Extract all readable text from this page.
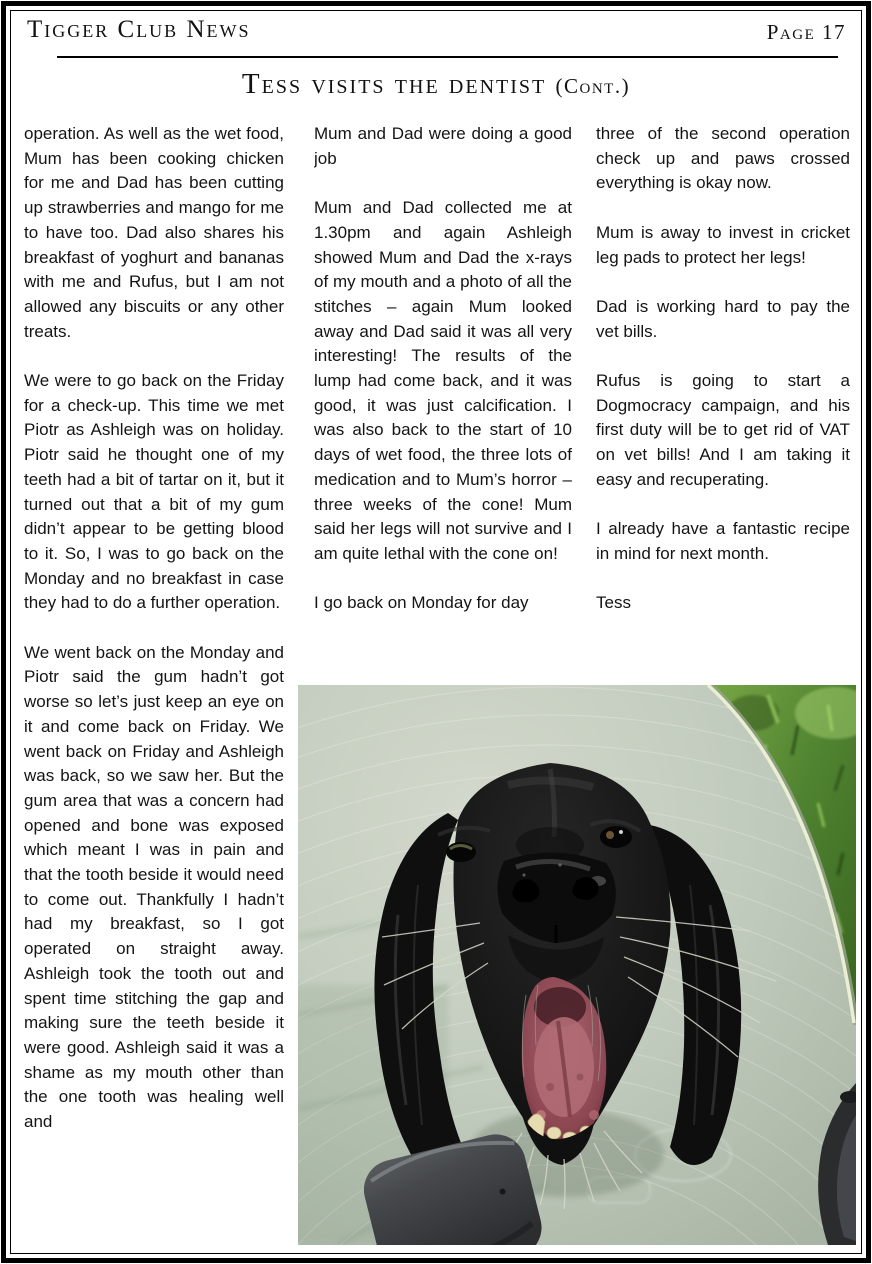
Tigger Club News	Page 17
Tess visits the dentist (Cont.)

operation. As well as the wet food, Mum has been cooking chicken for me and Dad has been cutting up strawberries and mango for me to have too. Dad also shares his breakfast of yoghurt and bananas with me and Rufus, but I am not allowed any biscuits or any other treats.

We were to go back on the Friday for a check-up. This time we met Piotr as Ashleigh was on holiday. Piotr said he thought one of my teeth had a bit of tartar on it, but it turned out that a bit of my gum didn’t appear to be getting blood to it. So, I was to go back on the Monday and no breakfast in case they had to do a further operation.

We went back on the Monday and Piotr said the gum hadn’t got worse so let’s just keep an eye on it and come back on Friday. We went back on Friday and Ashleigh was back, so we saw her. But the gum area that was a concern had opened and bone was exposed which meant I was in pain and that the tooth beside it would need to come out. Thankfully I hadn’t had my breakfast, so I got operated on straight away. Ashleigh took the tooth out and spent time stitching the gap and making sure the teeth beside it were good. Ashleigh said it was a shame as my mouth other than the one tooth was healing well and

Mum and Dad were doing a good job

Mum and Dad collected me at 1.30pm and again Ashleigh showed Mum and Dad the x-rays of my mouth and a photo of all the stitches – again Mum looked away and Dad said it was all very interesting! The results of the lump had come back, and it was good, it was just calcification. I was also back to the start of 10 days of wet food, the three lots of medication and to Mum’s horror – three weeks of the cone! Mum said her legs will not survive and I am quite lethal with the cone on!

I go back on Monday for day

three of the second operation check up and paws crossed everything is okay now.

Mum is away to invest in cricket leg pads to protect her legs!

Dad is working hard to pay the vet bills.

Rufus is going to start a Dogmocracy campaign, and his first duty will be to get rid of VAT on vet bills! And I am taking it easy and recuperating.

I already have a fantastic recipe in mind for next month.

Tess
